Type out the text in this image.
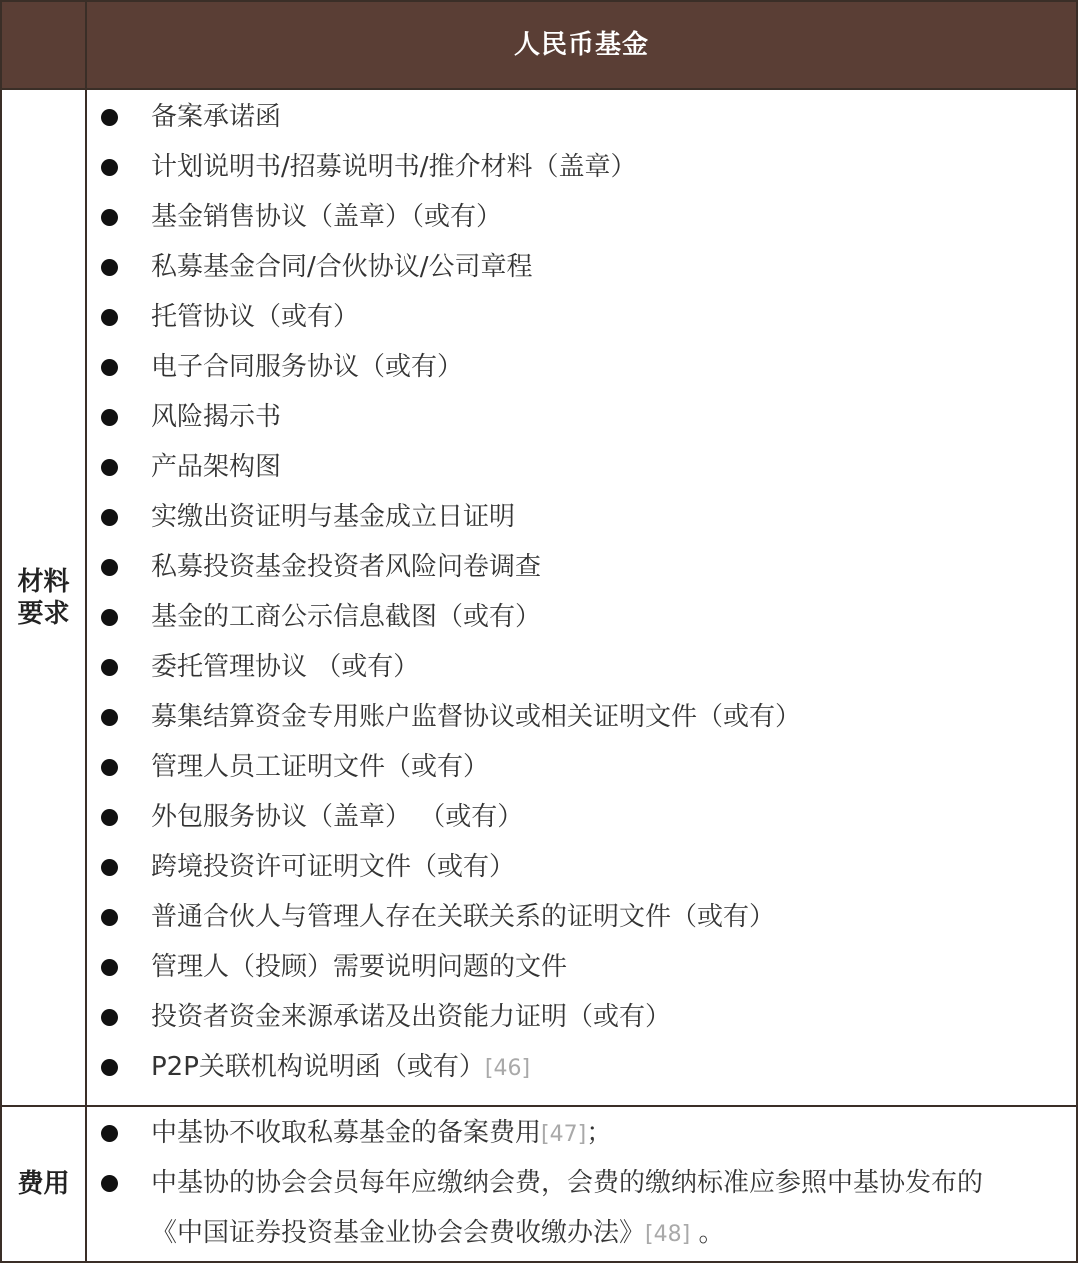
人民币基金
材料要求
备案承诺函
计划说明书/招募说明书/推介材料（盖章）
基金销售协议（盖章）（或有）
私募基金合同/合伙协议/公司章程
托管协议（或有）
电子合同服务协议（或有）
风险揭示书
产品架构图
实缴出资证明与基金成立日证明
私募投资基金投资者风险问卷调查
基金的工商公示信息截图（或有）
委托管理协议 （或有）
募集结算资金专用账户监督协议或相关证明文件（或有）
管理人员工证明文件（或有）
外包服务协议（盖章） （或有）
跨境投资许可证明文件（或有）
普通合伙人与管理人存在关联关系的证明文件（或有）
管理人（投顾）需要说明问题的文件
投资者资金来源承诺及出资能力证明（或有）
P2P关联机构说明函（或有）[46]
费用
中基协不收取私募基金的备案费用[47]；
中基协的协会会员每年应缴纳会费，会费的缴纳标准应参照中基协发布的
《中国证券投资基金业协会会费收缴办法》[48] 。
